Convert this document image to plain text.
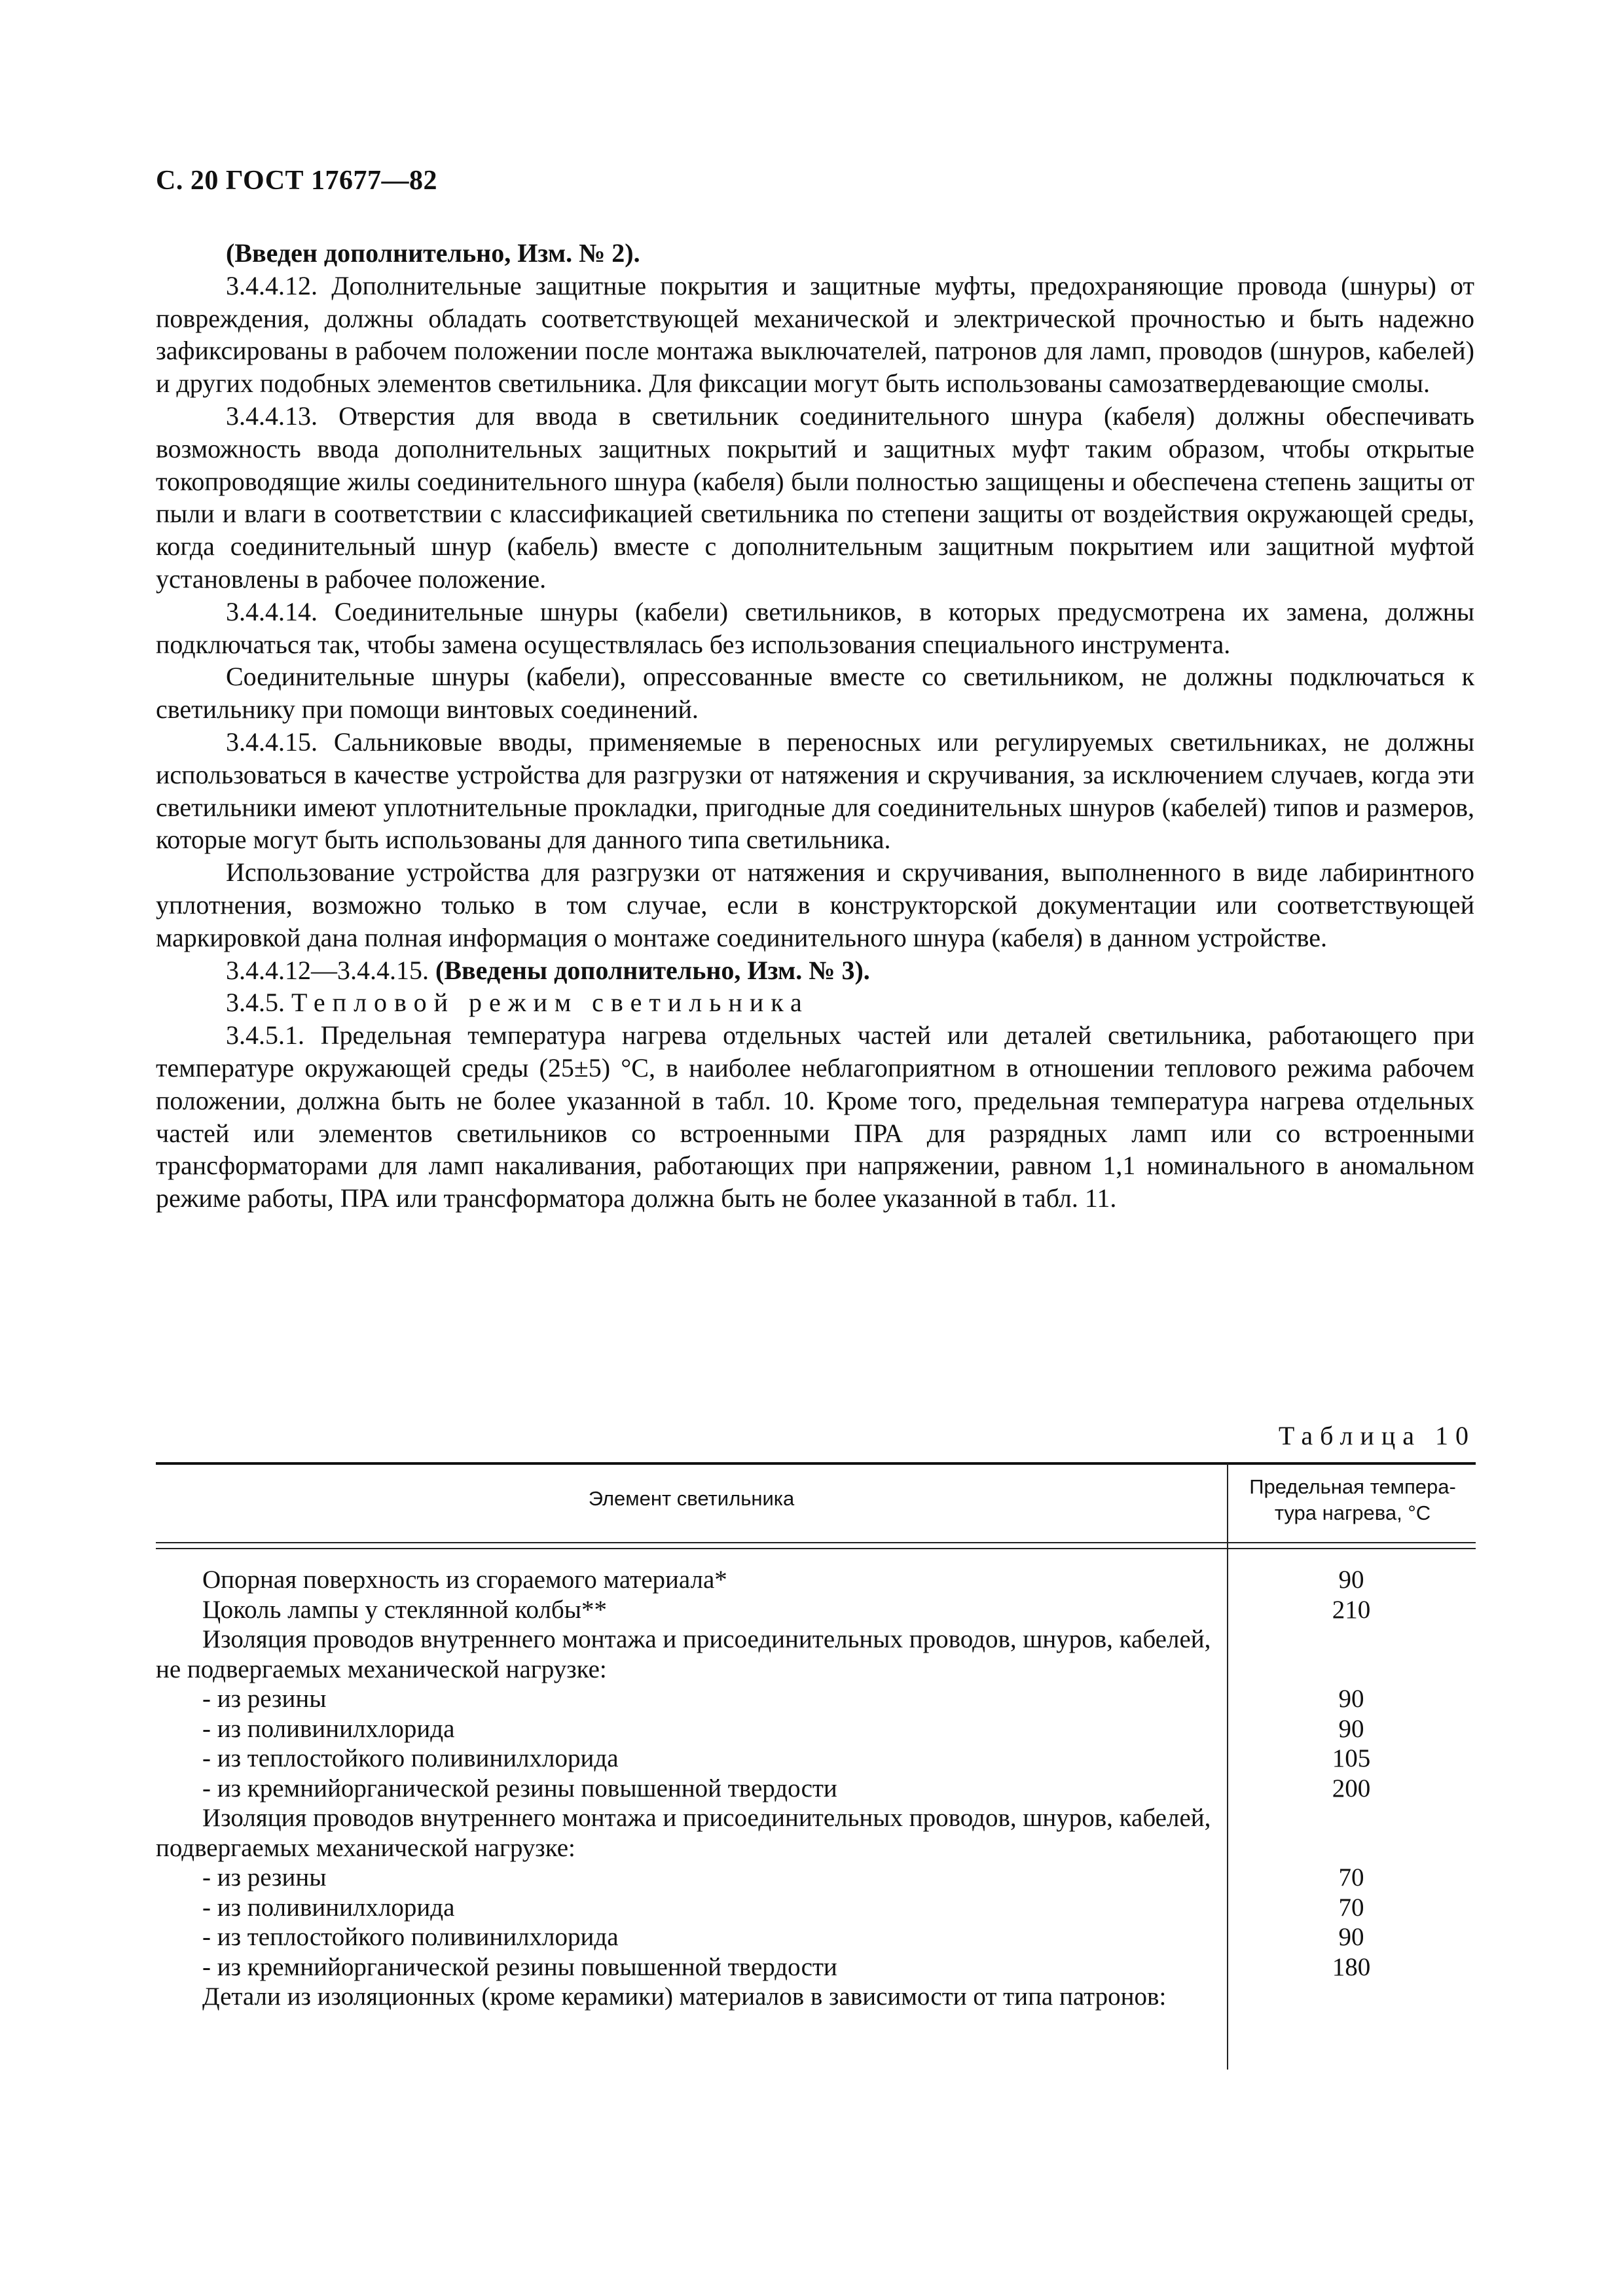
С. 20 ГОСТ 17677—82

(Введен дополнительно, Изм. № 2).

3.4.4.12. Дополнительные защитные покрытия и защитные муфты, предохраняющие провода (шнуры) от повреждения, должны обладать соответствующей механической и электрической прочностью и быть надежно зафиксированы в рабочем положении после монтажа выключателей, патронов для ламп, проводов (шнуров, кабелей) и других подобных элементов светильника. Для фиксации могут быть использованы самозатвердевающие смолы.

3.4.4.13. Отверстия для ввода в светильник соединительного шнура (кабеля) должны обеспечивать возможность ввода дополнительных защитных покрытий и защитных муфт таким образом, чтобы открытые токопроводящие жилы соединительного шнура (кабеля) были полностью защищены и обеспечена степень защиты от пыли и влаги в соответствии с классификацией светильника по степени защиты от воздействия окружающей среды, когда соединительный шнур (кабель) вместе с дополнительным защитным покрытием или защитной муфтой установлены в рабочее положение.

3.4.4.14. Соединительные шнуры (кабели) светильников, в которых предусмотрена их замена, должны подключаться так, чтобы замена осуществлялась без использования специального инструмента.

Соединительные шнуры (кабели), опрессованные вместе со светильником, не должны подключаться к светильнику при помощи винтовых соединений.

3.4.4.15. Сальниковые вводы, применяемые в переносных или регулируемых светильниках, не должны использоваться в качестве устройства для разгрузки от натяжения и скручивания, за исключением случаев, когда эти светильники имеют уплотнительные прокладки, пригодные для соединительных шнуров (кабелей) типов и размеров, которые могут быть использованы для данного типа светильника.

Использование устройства для разгрузки от натяжения и скручивания, выполненного в виде лабиринтного уплотнения, возможно только в том случае, если в конструкторской документации или соответствующей маркировкой дана полная информация о монтаже соединительного шнура (кабеля) в данном устройстве.

3.4.4.12—3.4.4.15. (Введены дополнительно, Изм. № 3).

3.4.5. Тепловой режим светильника

3.4.5.1. Предельная температура нагрева отдельных частей или деталей светильника, работающего при температуре окружающей среды (25±5) °С, в наиболее неблагоприятном в отношении теплового режима рабочем положении, должна быть не более указанной в табл. 10. Кроме того, предельная температура нагрева отдельных частей или элементов светильников со встроенными ПРА для разрядных ламп или со встроенными трансформаторами для ламп накаливания, работающих при напряжении, равном 1,1 номинального в аномальном режиме работы, ПРА или трансформатора должна быть не более указанной в табл. 11.

Таблица 10
Элемент светильника
Предельная темпера-
тура нагрева, °С
Опорная поверхность из сгораемого материала*	90
Цоколь лампы у стеклянной колбы**	210
Изоляция проводов внутреннего монтажа и присоединительных проводов, шнуров, кабелей, не подвергаемых механической нагрузке:
- из резины	90
- из поливинилхлорида	90
- из теплостойкого поливинилхлорида	105
- из кремнийорганической резины повышенной твердости	200
Изоляция проводов внутреннего монтажа и присоединительных проводов, шнуров, кабелей, подвергаемых механической нагрузке:
- из резины	70
- из поливинилхлорида	70
- из теплостойкого поливинилхлорида	90
- из кремнийорганической резины повышенной твердости	180
Детали из изоляционных (кроме керамики) материалов в зависимости от типа патронов:
